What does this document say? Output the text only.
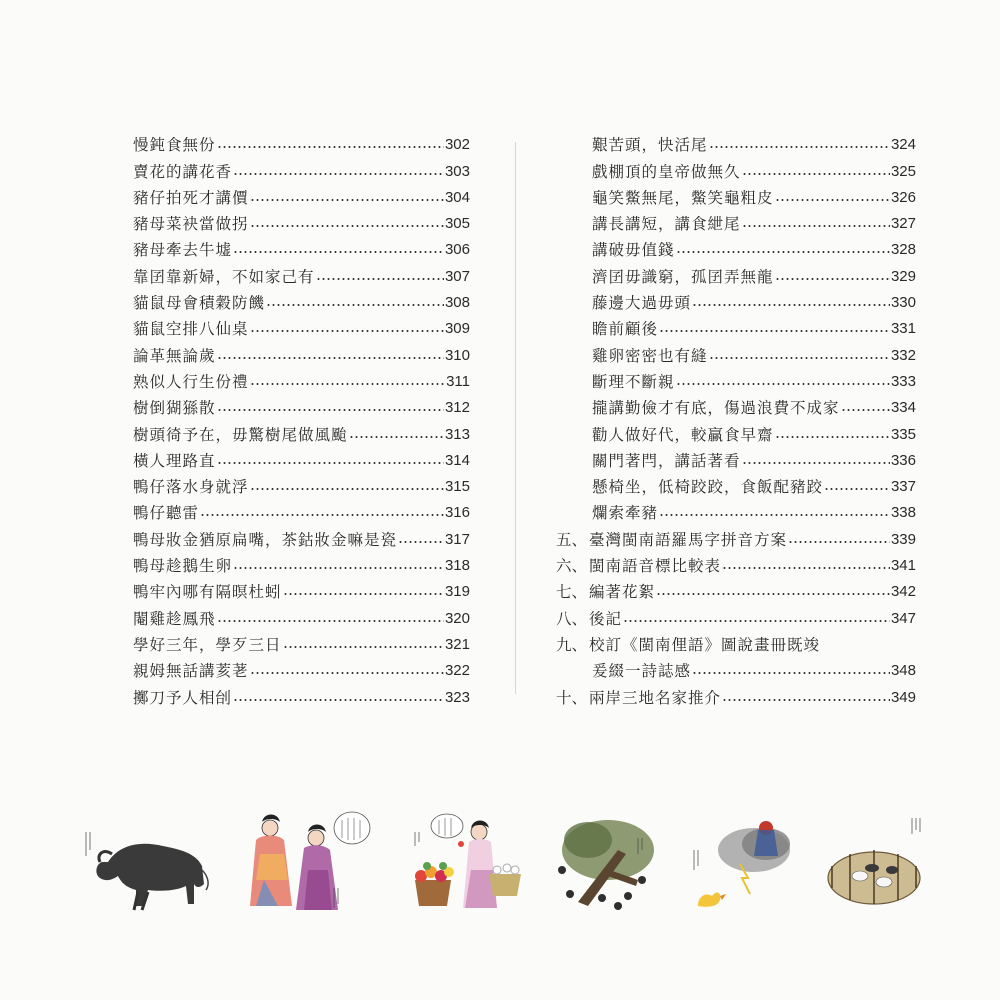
慢鈍食無份	302
賣花的講花香	303
豬仔拍死才講價	304
豬母菜袂當做拐	305
豬母牽去牛墟	306
靠囝靠新婦，不如家己有	307
貓鼠母會積穀防饑	308
貓鼠空排八仙桌	309
論革無論歲	310
熟似人行生份禮	311
樹倒猢猻散	312
樹頭徛予在，毋驚樹尾做風颱	313
橫人理路直	314
鴨仔落水身就浮	315
鴨仔聽雷	316
鴨母妝金猶原扁嘴，茶鈷妝金嘛是瓷	317
鴨母趁鵝生卵	318
鴨牢內哪有隔暝杜蚓	319
閹雞趁鳳飛	320
學好三年，學歹三日	321
親姆無話講荄荖	322
擲刀予人相刣	323
艱苦頭，快活尾	324
戲棚頂的皇帝做無久	325
龜笑鱉無尾，鱉笑龜粗皮	326
講長講短，講食紲尾	327
講破毋值錢	328
濟囝毋識窮，孤囝弄無龍	329
藤邊大過毋頭	330
瞻前顧後	331
雞卵密密也有縫	332
斷理不斷親	333
攏講勤儉才有底，傷過浪費不成家	334
勸人做好代，較贏食早齋	335
關門著閂，講話著看	336
懸椅坐，低椅跤跤，食飯配豬跤	337
爛索牽豬	338
五、 臺灣閩南語羅馬字拼音方案	339
六、 閩南語音標比較表	341
七、 編著花絮	342
八、 後記	347
九、 校訂《閩南俚語》圖說畫冊既竣
爰綴一詩誌感	348
十、 兩岸三地名家推介	349
